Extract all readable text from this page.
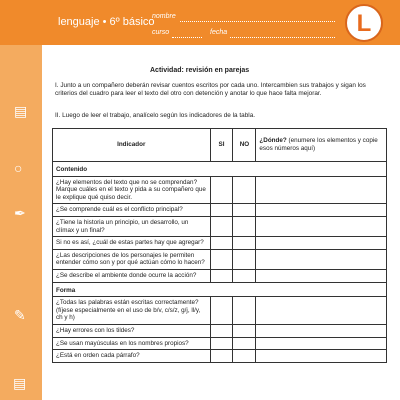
lenguaje • 6º básico
nombre
curso	fecha	L
▤
○
✒
✎
▤
Actividad: revisión en parejas
I. Junto a un compañero deberán revisar cuentos escritos por cada uno. Intercambien sus trabajos y sigan los criterios del cuadro para leer el texto del otro con detención y anotar lo que hace falta mejorar.
II. Luego de leer el trabajo, analícelo según los indicadores de la tabla.
Indicador	SI	NO	¿Dónde? (enumere los elementos y copie esos números aquí)
Contenido			
¿Hay elementos del texto que no se comprendan? Marque cuáles en el texto y pida a su compañero que le explique qué quiso decir.			
¿Se comprende cuál es el conflicto principal?			
¿Tiene la historia un principio, un desarrollo, un clímax y un final?			
Si no es así, ¿cuál de estas partes hay que agregar?			
¿Las descripciones de los personajes le permiten entender cómo son y por qué actúan cómo lo hacen?			
¿Se describe el ambiente donde ocurre la acción?			
Forma			
¿Todas las palabras están escritas correctamente? (fíjese especialmente en el uso de b/v, c/s/z, g/j, ll/y, ch y h)			
¿Hay errores con los tildes?			
¿Se usan mayúsculas en los nombres propios?			
¿Está en orden cada párrafo?			
